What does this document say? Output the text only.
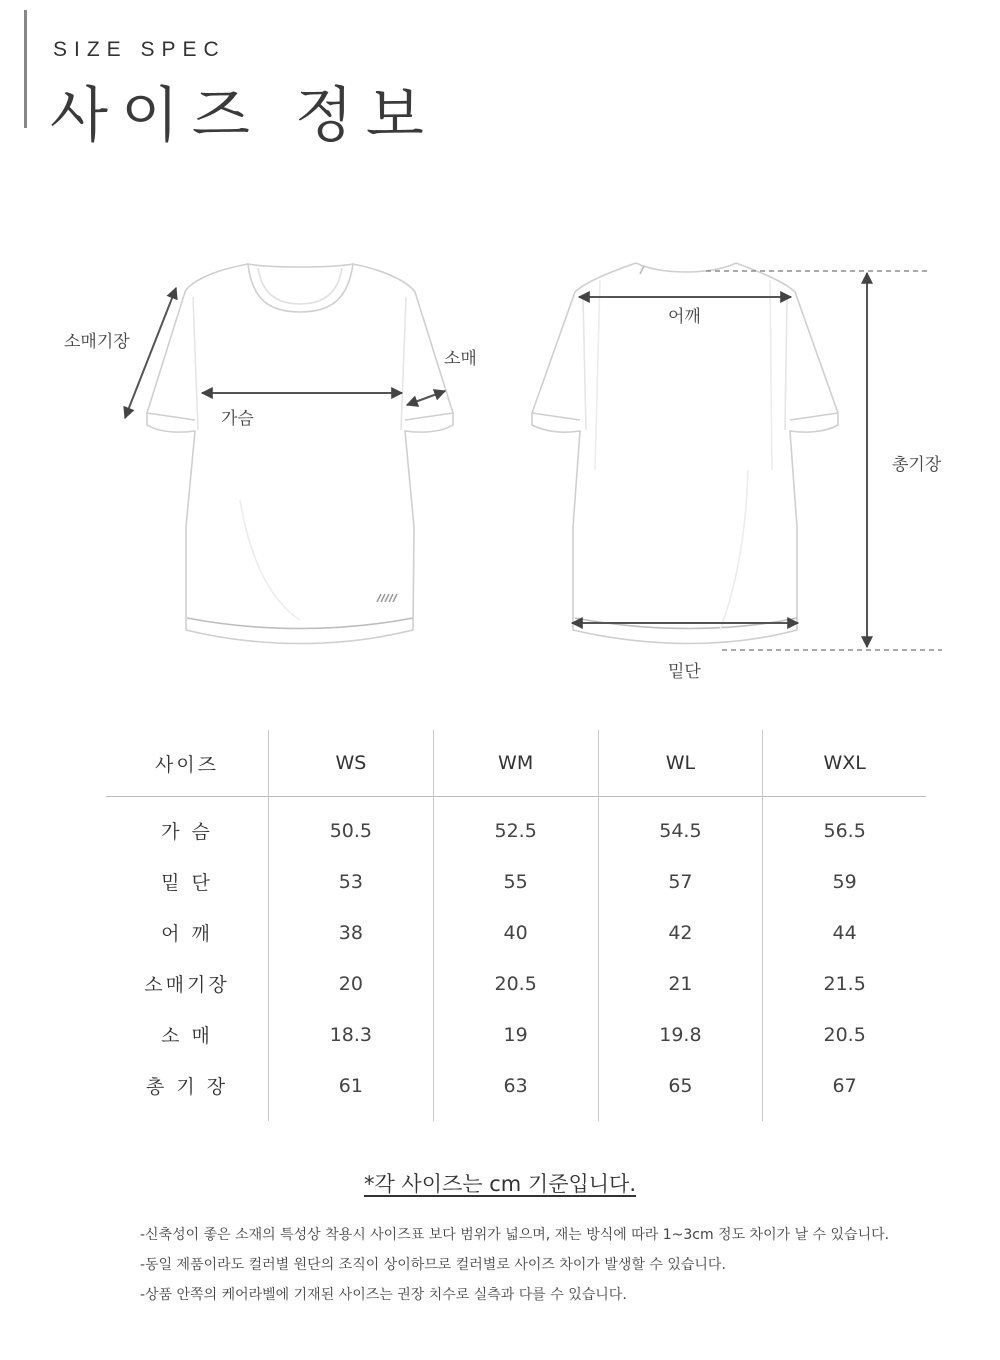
SIZE SPEC
사이즈 정보
소매기장
소매
가슴
어깨
총기장
밑단
사이즈	WS	WM	WL	WXL
가 슴	50.5	52.5	54.5	56.5
밑 단	53	55	57	59
어 깨	38	40	42	44
소매기장	20	20.5	21	21.5
소 매	18.3	19	19.8	20.5
총 기 장	61	63	65	67
*각 사이즈는 cm 기준입니다.
-신축성이 좋은 소재의 특성상 착용시 사이즈표 보다 범위가 넓으며, 재는 방식에 따라 1~3cm 정도 차이가 날 수 있습니다.
-동일 제품이라도 컬러별 원단의 조직이 상이하므로 컬러별로 사이즈 차이가 발생할 수 있습니다.
-상품 안쪽의 케어라벨에 기재된 사이즈는 권장 치수로 실측과 다를 수 있습니다.
